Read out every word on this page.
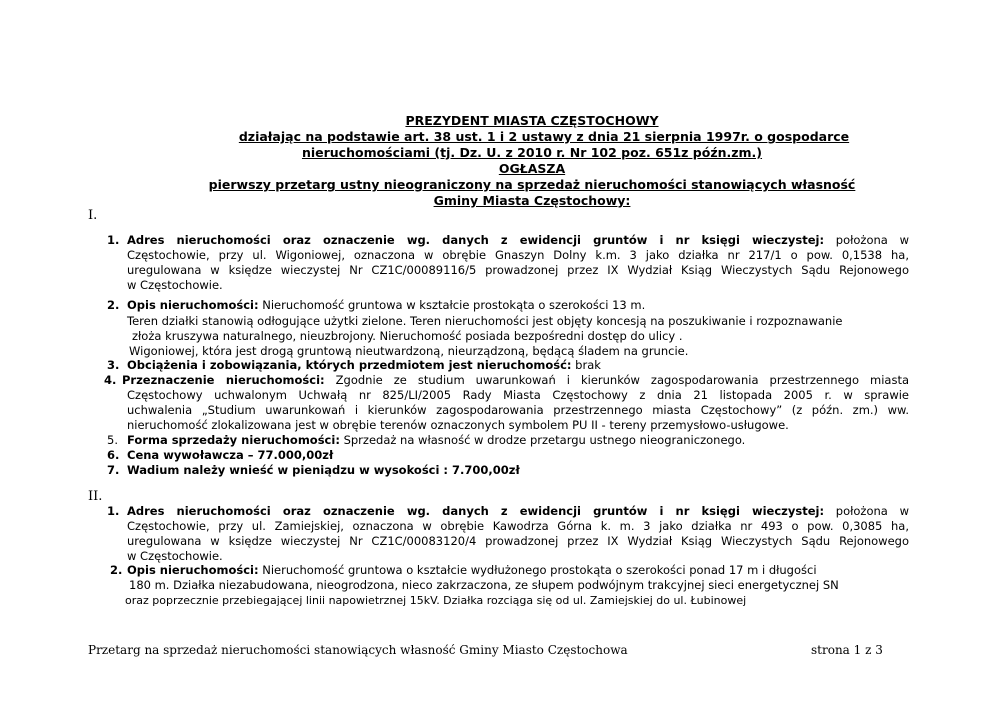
PREZYDENT MIASTA CZĘSTOCHOWY
działając na podstawie art. 38 ust. 1 i 2 ustawy z dnia 21 sierpnia 1997r. o gospodarce
nieruchomościami (tj. Dz. U. z 2010 r. Nr 102 poz. 651z późn.zm.)
OGŁASZA
pierwszy przetarg ustny nieograniczony na sprzedaż nieruchomości stanowiących własność
Gminy Miasta Częstochowy:
I.
1. Adres nieruchomości oraz oznaczenie wg. danych z ewidencji gruntów i nr księgi wieczystej: położona w
Częstochowie, przy ul. Wigoniowej, oznaczona w obrębie Gnaszyn Dolny k.m. 3 jako działka nr 217/1 o pow. 0,1538 ha,
uregulowana w księdze wieczystej Nr CZ1C/00089116/5 prowadzonej przez IX Wydział Ksiąg Wieczystych Sądu Rejonowego
w Częstochowie.
2. Opis nieruchomości: Nieruchomość gruntowa w kształcie prostokąta o szerokości 13 m.
Teren działki stanowią odłogujące użytki zielone. Teren nieruchomości jest objęty koncesją na poszukiwanie i rozpoznawanie
złoża kruszywa naturalnego, nieuzbrojony. Nieruchomość posiada bezpośredni dostęp do ulicy .
Wigoniowej, która jest drogą gruntową nieutwardzoną, nieurządzoną, będącą śladem na gruncie.
3. Obciążenia i zobowiązania, których przedmiotem jest nieruchomość: brak
4. Przeznaczenie nieruchomości: Zgodnie ze studium uwarunkowań i kierunków zagospodarowania przestrzennego miasta
Częstochowy uchwalonym Uchwałą nr 825/LI/2005 Rady Miasta Częstochowy z dnia 21 listopada 2005 r. w sprawie
uchwalenia „Studium uwarunkowań i kierunków zagospodarowania przestrzennego miasta Częstochowy” (z późn. zm.) ww.
nieruchomość zlokalizowana jest w obrębie terenów oznaczonych symbolem PU II - tereny przemysłowo-usługowe.
5. Forma sprzedaży nieruchomości: Sprzedaż na własność w drodze przetargu ustnego nieograniczonego.
6. Cena wywoławcza – 77.000,00zł
7. Wadium należy wnieść w pieniądzu w wysokości : 7.700,00zł
II.
1. Adres nieruchomości oraz oznaczenie wg. danych z ewidencji gruntów i nr księgi wieczystej: położona w
Częstochowie, przy ul. Zamiejskiej, oznaczona w obrębie Kawodrza Górna k. m. 3 jako działka nr 493 o pow. 0,3085 ha,
uregulowana w księdze wieczystej Nr CZ1C/00083120/4 prowadzonej przez IX Wydział Ksiąg Wieczystych Sądu Rejonowego
w Częstochowie.
2. Opis nieruchomości: Nieruchomość gruntowa o kształcie wydłużonego prostokąta o szerokości ponad 17 m i długości
180 m. Działka niezabudowana, nieogrodzona, nieco zakrzaczona, ze słupem podwójnym trakcyjnej sieci energetycznej SN
oraz poprzecznie przebiegającej linii napowietrznej 15kV. Działka rozciąga się od ul. Zamiejskiej do ul. Łubinowej
Przetarg na sprzedaż nieruchomości stanowiących własność Gminy Miasto Częstochowa	strona 1 z 3
